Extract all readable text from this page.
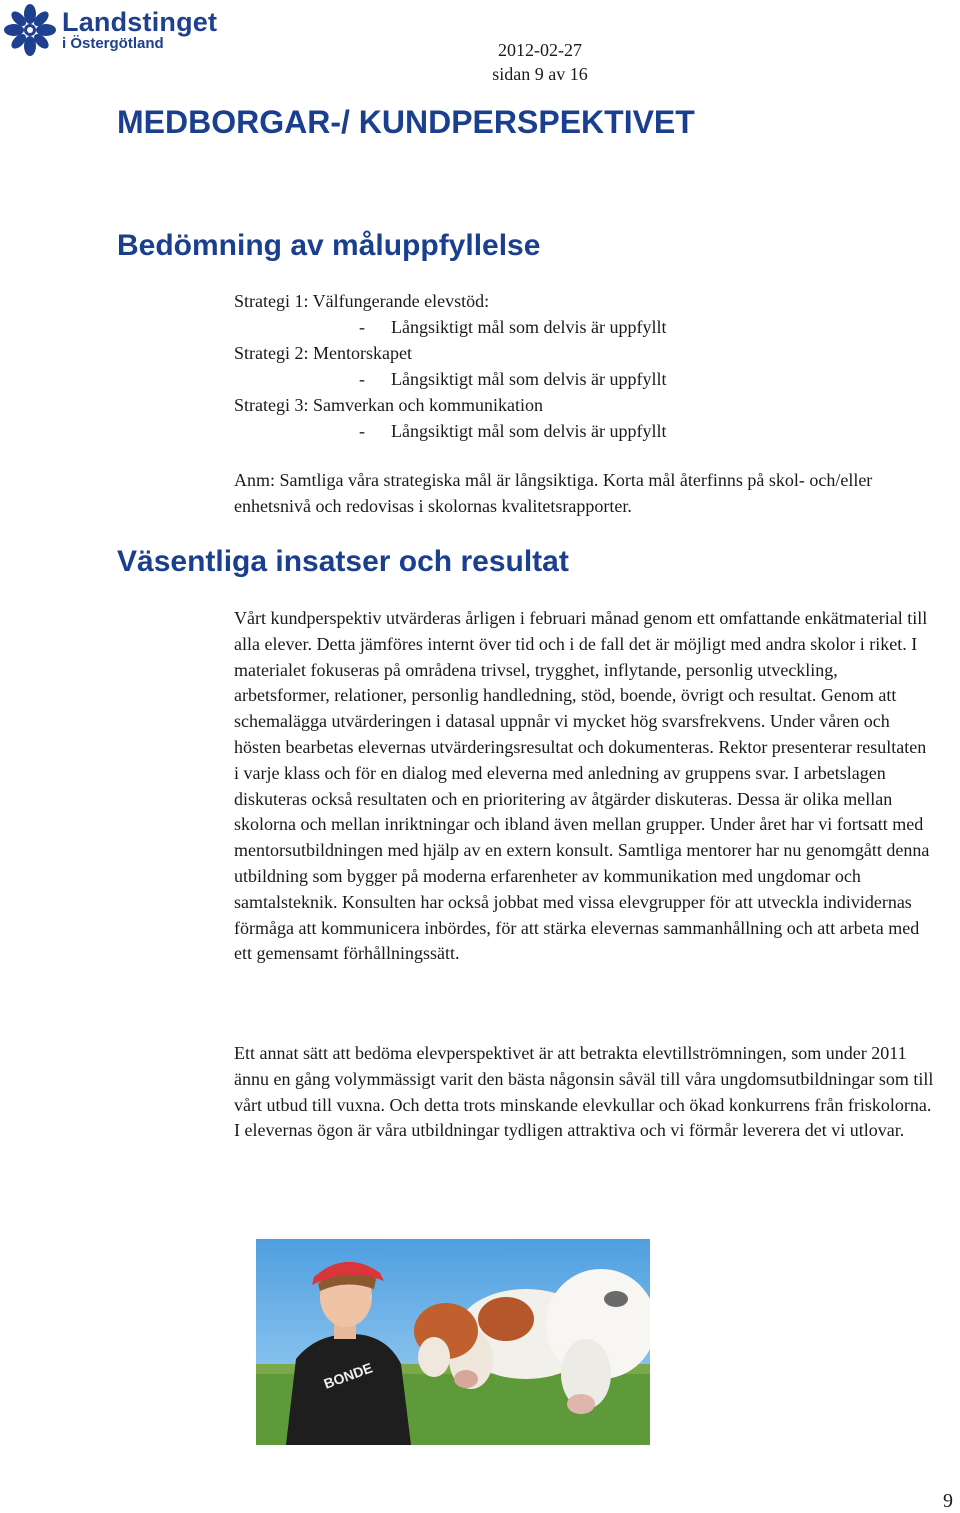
Landstinget
i Östergötland	2012-02-27
sidan 9 av 16
MEDBORGAR-/ KUNDPERSPEKTIVET
Bedömning av måluppfyllelse
Strategi 1: Välfungerande elevstöd:
- Långsiktigt mål som delvis är uppfyllt
Strategi 2: Mentorskapet
- Långsiktigt mål som delvis är uppfyllt
Strategi 3: Samverkan och kommunikation
- Långsiktigt mål som delvis är uppfyllt

Anm: Samtliga våra strategiska mål är långsiktiga. Korta mål återfinns på skol- och/eller enhetsnivå och redovisas i skolornas kvalitetsrapporter.

Väsentliga insatser och resultat

Vårt kundperspektiv utvärderas årligen i februari månad genom ett omfattande enkätmaterial till alla elever. Detta jämföres internt över tid och i de fall det är möjligt med andra skolor i riket. I materialet fokuseras på områdena trivsel, trygghet, inflytande, personlig utveckling, arbetsformer, relationer, personlig handledning, stöd, boende, övrigt och resultat. Genom att schemalägga utvärderingen i datasal uppnår vi mycket hög svarsfrekvens. Under våren och hösten bearbetas elevernas utvärderingsresultat och dokumenteras. Rektor presenterar resultaten i varje klass och för en dialog med eleverna med anledning av gruppens svar. I arbetslagen diskuteras också resultaten och en prioritering av åtgärder diskuteras. Dessa är olika mellan skolorna och mellan inriktningar och ibland även mellan grupper. Under året har vi fortsatt med mentorsutbildningen med hjälp av en extern konsult. Samtliga mentorer har nu genomgått denna utbildning som bygger på moderna erfarenheter av kommunikation med ungdomar och samtalsteknik. Konsulten har också jobbat med vissa elevgrupper för att utveckla individernas förmåga att kommunicera inbördes, för att stärka elevernas sammanhållning och att arbeta med ett gemensamt förhållningssätt.

Ett annat sätt att bedöma elevperspektivet är att betrakta elevtillströmningen, som under 2011 ännu en gång volymmässigt varit den bästa någonsin såväl till våra ungdomsutbildningar som till vårt utbud till vuxna. Och detta trots minskande elevkullar och ökad konkurrens från friskolorna. I elevernas ögon är våra utbildningar tydligen attraktiva och vi förmår leverera det vi utlovar.

BONDE
9
